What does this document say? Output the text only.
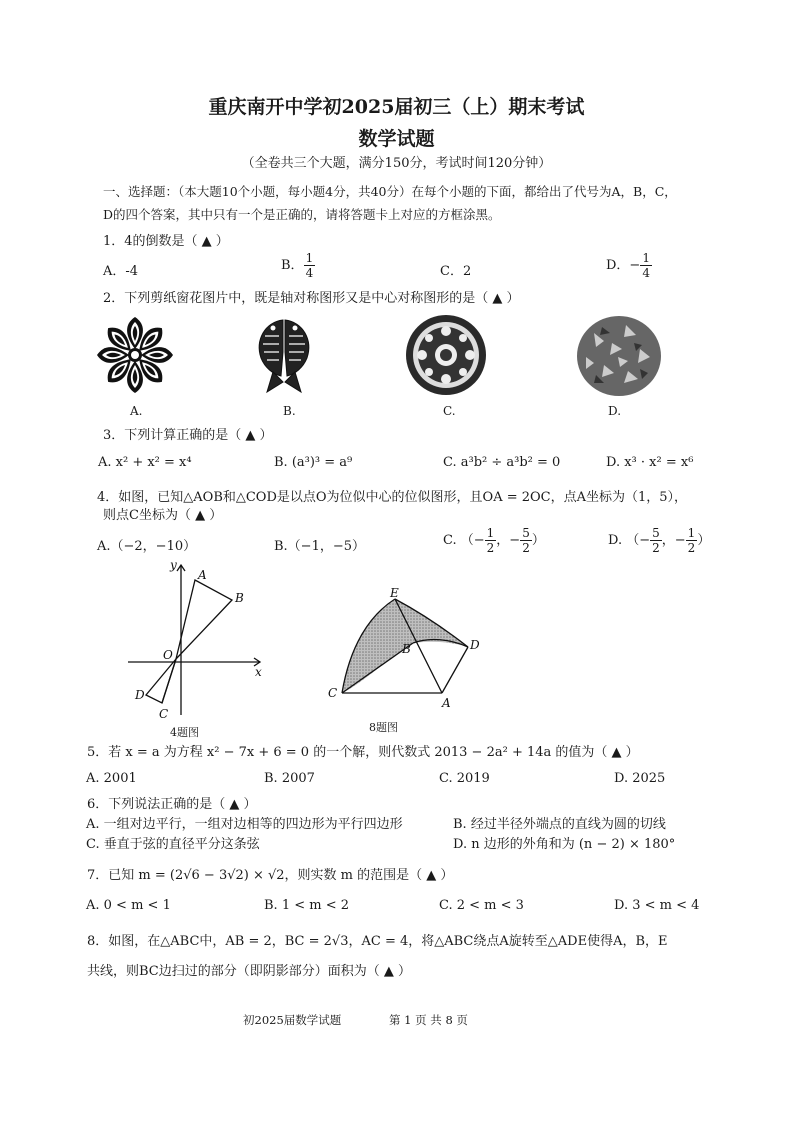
重庆南开中学初2025届初三（上）期末考试
数学试题
（全卷共三个大题，满分150分，考试时间120分钟）
一、选择题：（本大题10个小题，每小题4分，共40分）在每个小题的下面，都给出了代号为A，B，C，
D的四个答案，其中只有一个是正确的，请将答题卡上对应的方框涂黑。
1．4的倒数是（ ▲ ）
A．-4	B． $\frac{1}{4}$	C．2	D．− $\frac{1}{4}$
2．下列剪纸窗花图片中，既是轴对称图形又是中心对称图形的是（ ▲ ）
A.	B.	C.	D.
3．下列计算正确的是（ ▲ ）
A. x² + x² = x⁴	B. (a³)³ = a⁹	C. a³b² ÷ a³b² = 0	D. x³ · x² = x⁶
4．如图，已知△AOB和△COD是以点O为位似中心的位似图形，且OA = 2OC，点A坐标为（1，5），
则点C坐标为（ ▲ ）
A.（−2，−10）	B.（−1，−5）	C. （− $\frac{1}{2}$ ，− $\frac{5}{2}$ ）	D. （− $\frac{5}{2}$ ，− $\frac{1}{2}$ ）
y
x
A
B
O
D
C
4题图
E
B	D
C
A
8题图
5．若 x = a 为方程 x² − 7x + 6 = 0 的一个解，则代数式 2013 − 2a² + 14a 的值为（ ▲ ）
A. 2001	B. 2007	C. 2019	D. 2025
6．下列说法正确的是（ ▲ ）
A. 一组对边平行，一组对边相等的四边形为平行四边形	B. 经过半径外端点的直线为圆的切线
C. 垂直于弦的直径平分这条弦	D. n 边形的外角和为 (n − 2) × 180°
7．已知 m = (2√6 − 3√2) × √2，则实数 m 的范围是（ ▲ ）
A. 0 < m < 1	B. 1 < m < 2	C. 2 < m < 3	D. 3 < m < 4
8．如图，在△ABC中，AB = 2，BC = 2√3，AC = 4，将△ABC绕点A旋转至△ADE使得A，B，E
共线，则BC边扫过的部分（即阴影部分）面积为（ ▲ ）
初2025届数学试题	第 1 页 共 8 页
